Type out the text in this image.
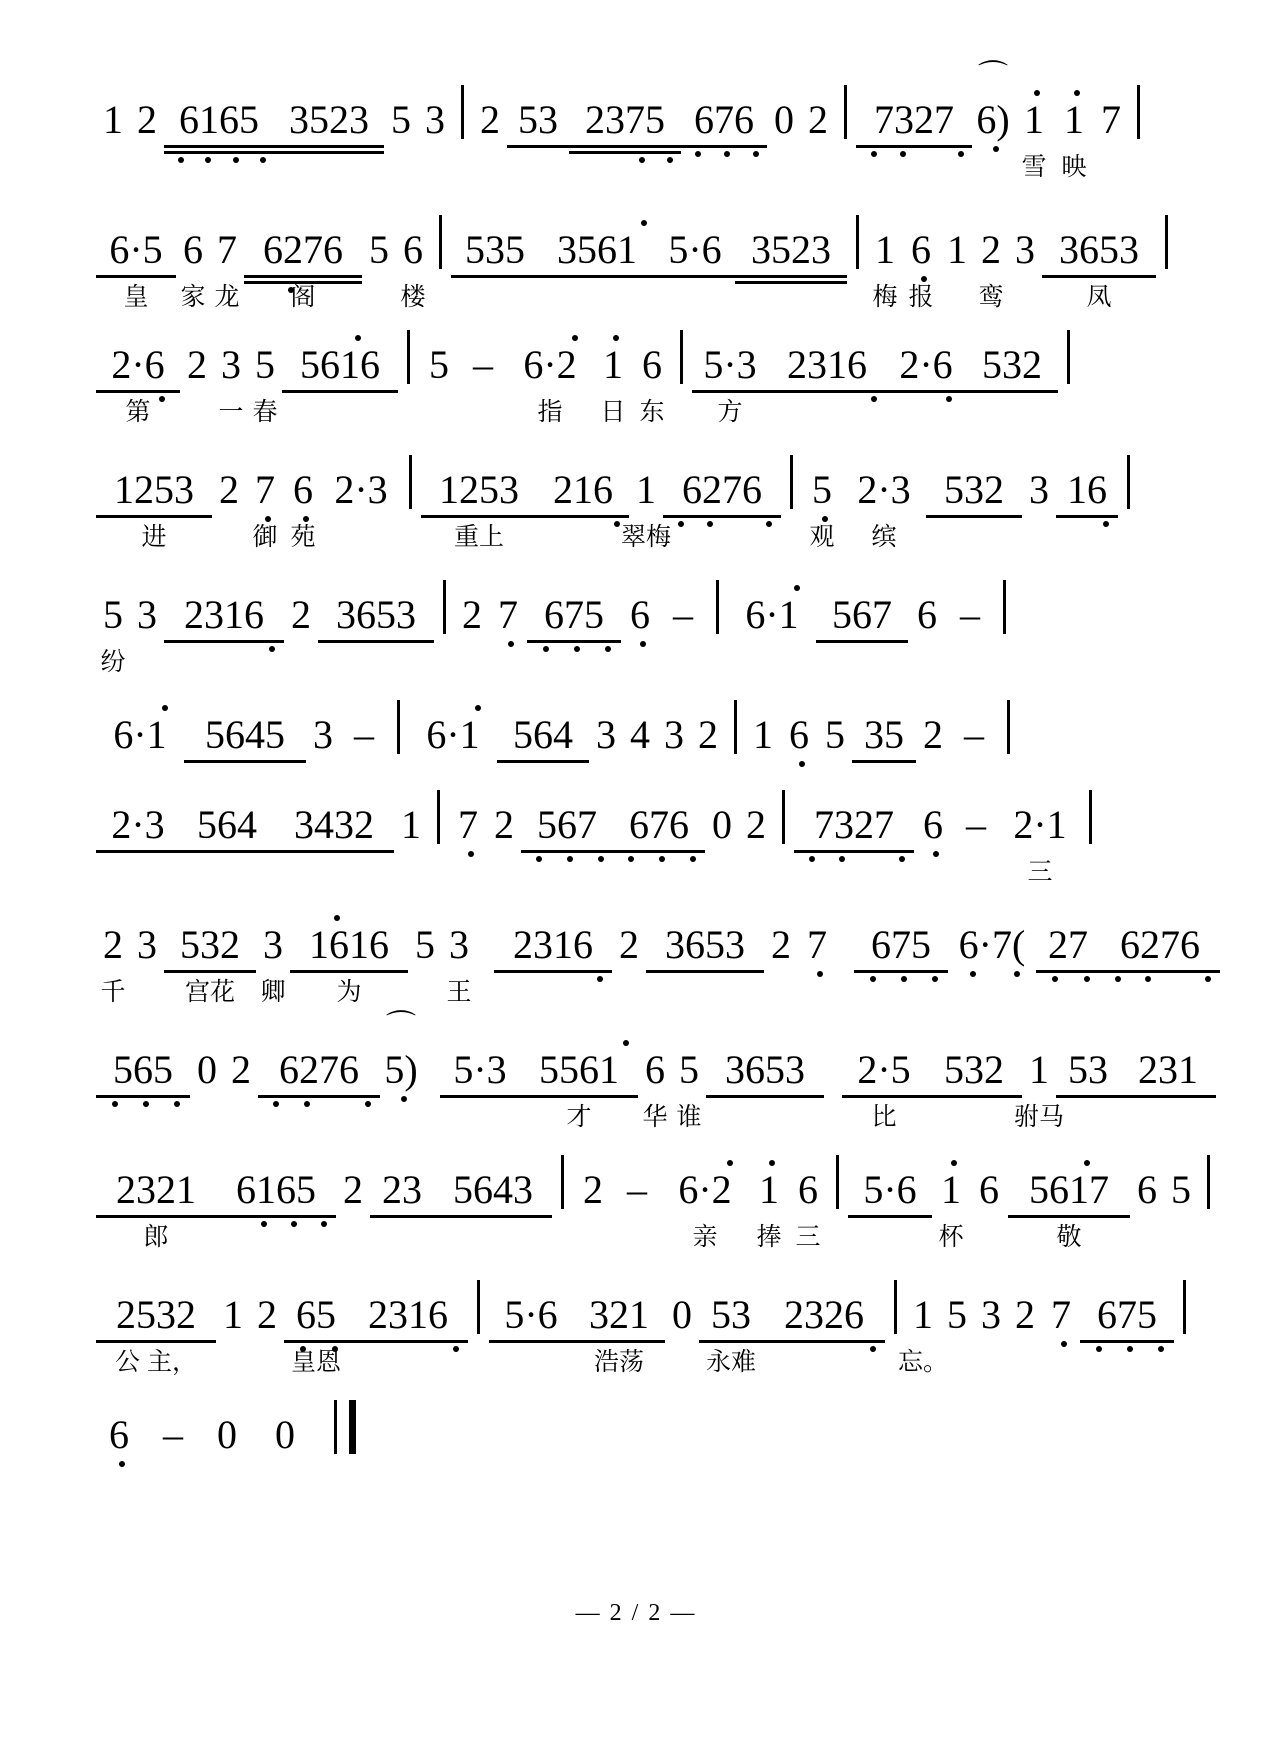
1 2 6165 3523 5 3 2 53 2375 676 0 2	7327 6)
⌒
1
雪
1
映
7
6·5
皇
6
家
7
龙
6276
阁
5 6
楼
535 3561 5·6 3523	1
梅
6
报
1 2
鸾
3 3653
凤
2·6
第
2 3
一
5
春
5616	5 – 6·2
指
1
日
6
东
5·3
方
2316 2·6 532
1253
进
2 7
御
6
苑
2·3	1253
重上
216 1
翠梅
6276	5
观
2·3
缤
532 3 16
5
纷
3 2316 2 3653	2 7 675 6 –	6·1 567 6 –
6·1 5645 3 –	6·1 564 3 4 3 2 1 6 5 35 2 –
2·3 564 3432 1 7 2 567 676 0 2	7327 6 – 2·1
三
2
千
3 532
宫花
3
卿
1616
为
5 3
王
2316 2 3653 2 7	675 6·7( 27 6276
565 0 2 6276 5)
⌒
5·3 5561
才
6
华
5
谁
3653	2·5
比
532 1
驸马
53 231
2321
郎
6165 2 23 5643	2 – 6·2
亲
1
捧
6
三
5·6 1
杯
6 5617
敬
6 5
2532
公 主，
1 2 65
皇恩
2316	5·6 321
浩荡
0 53
永难
2326	1
忘。
5 3 2 7 675
6 – 0 0
— 2 / 2 —
